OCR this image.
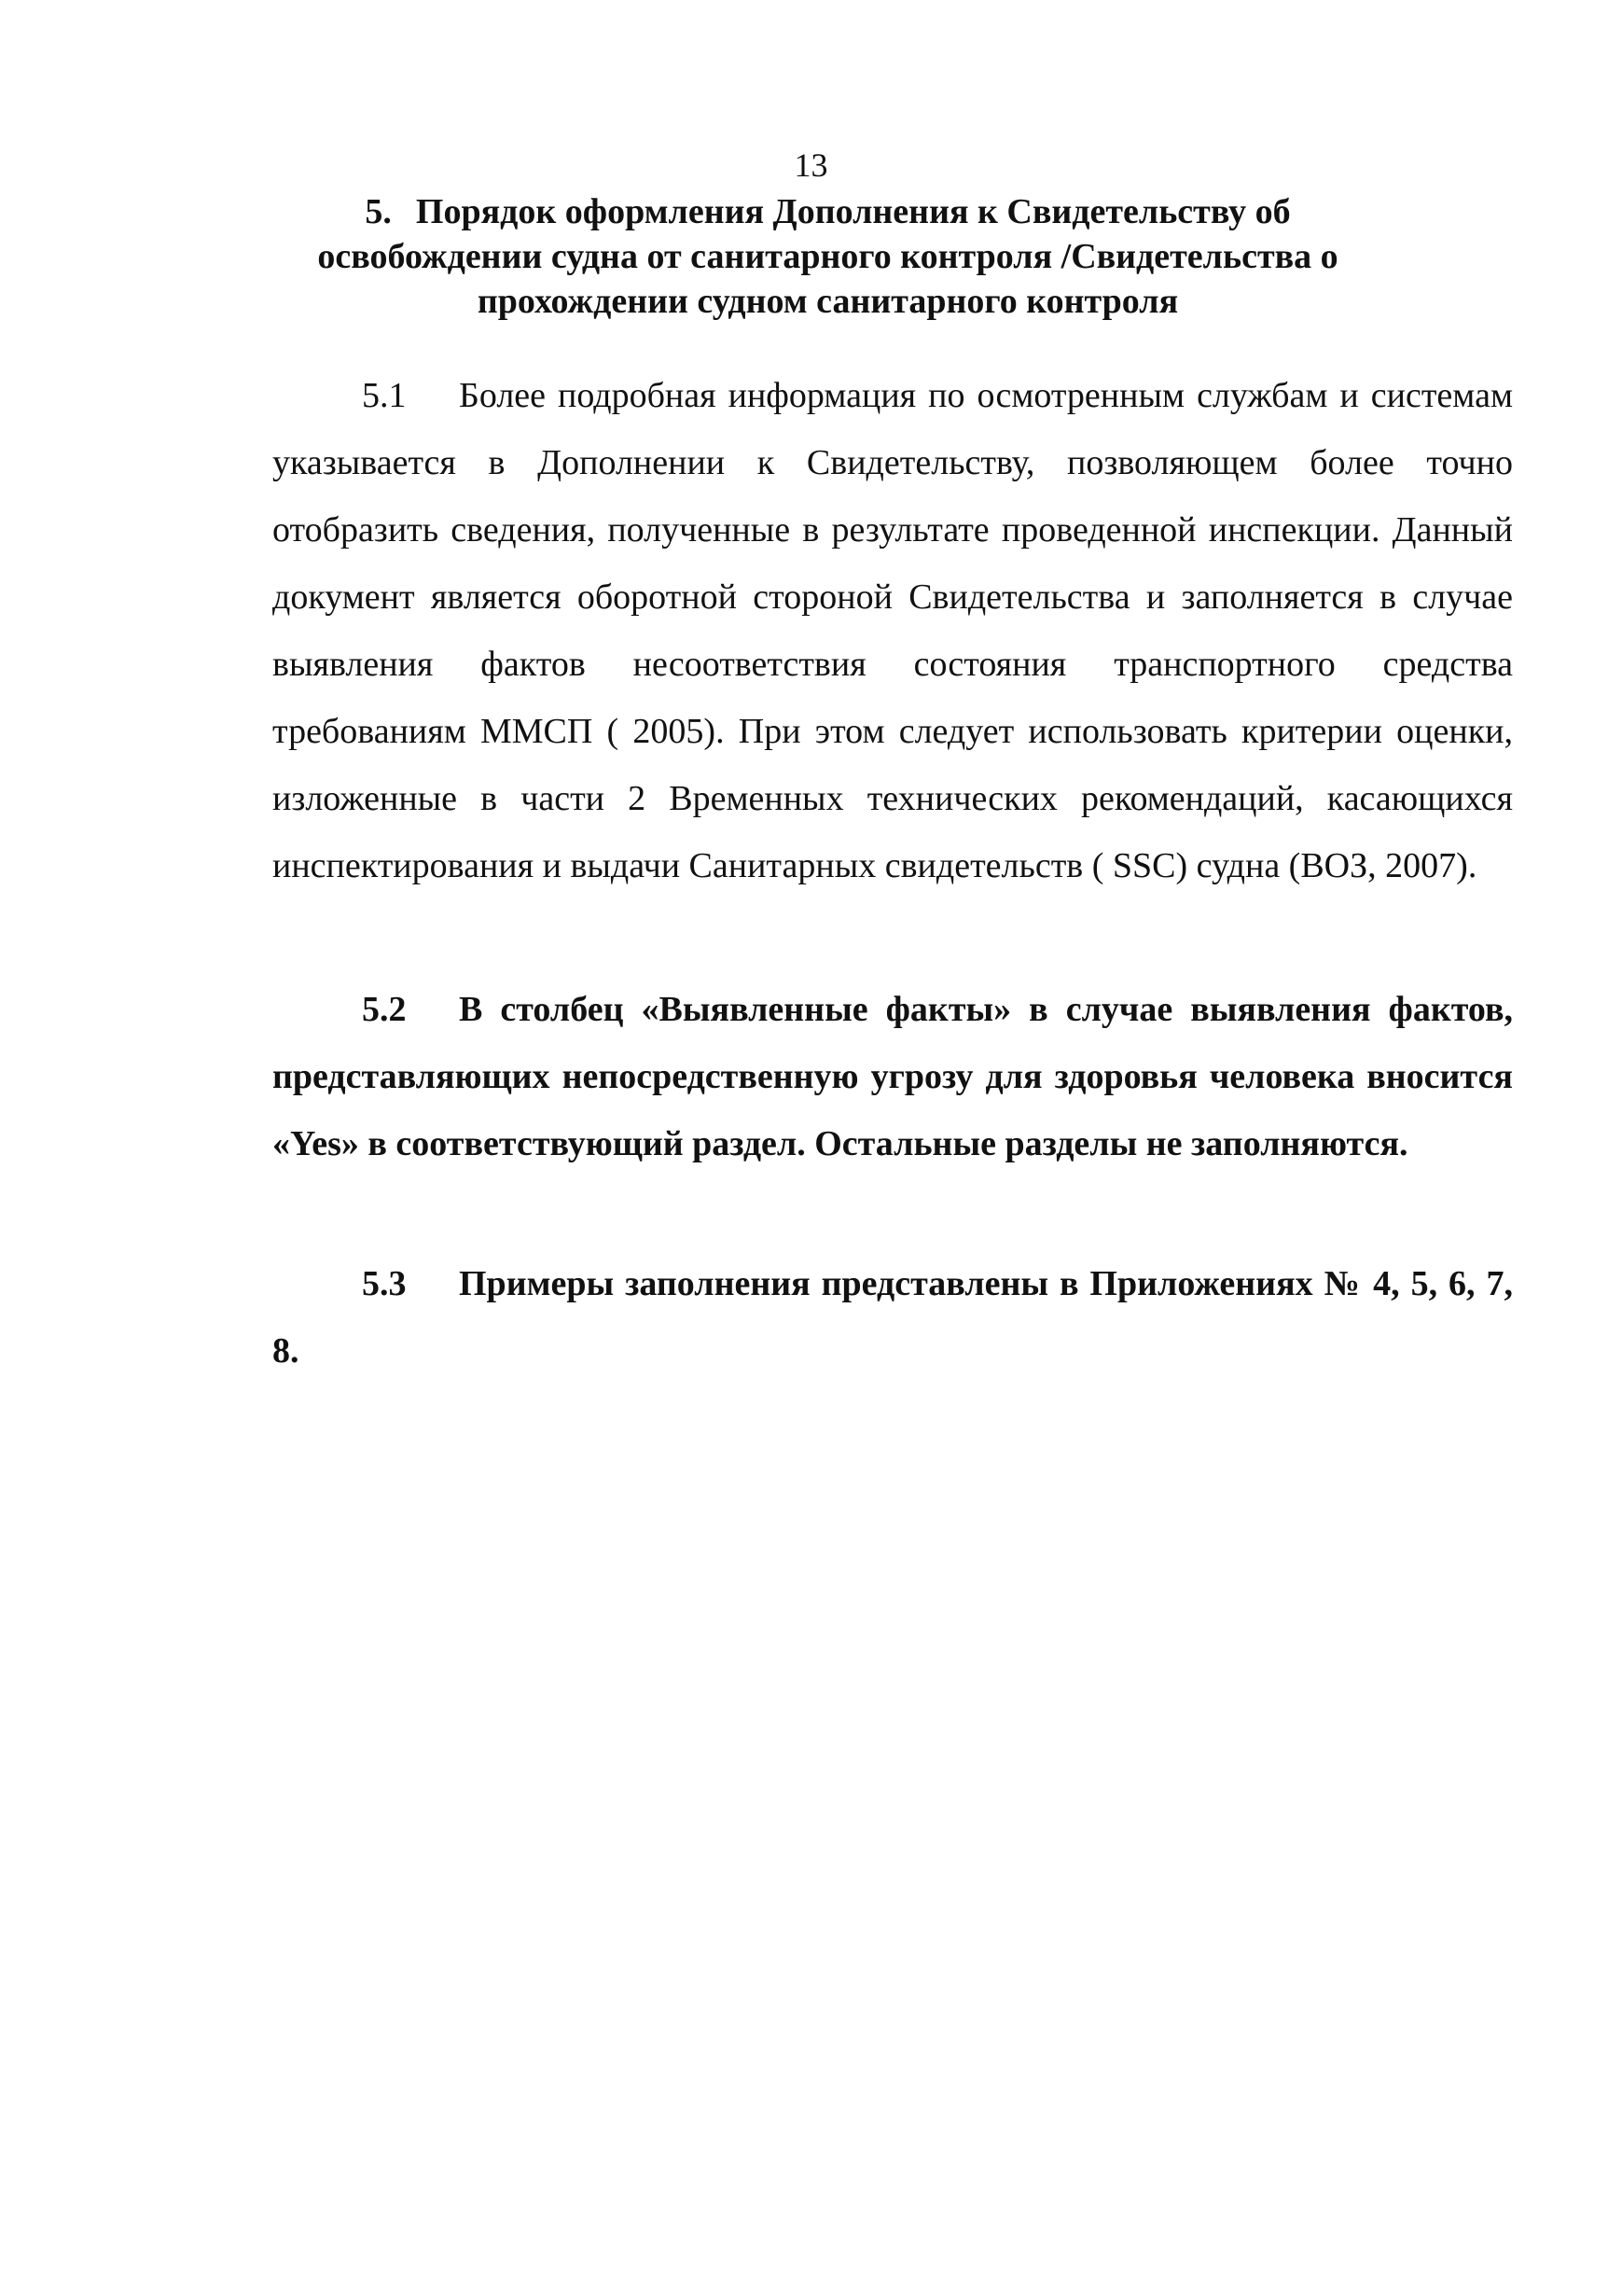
13
5. Порядок оформления Дополнения к Свидетельству об освобождении судна от санитарного контроля /Свидетельства о прохождении судном санитарного контроля
5.1 Более подробная информация по осмотренным службам и системам указывается в Дополнении к Свидетельству, позволяющем более точно отобразить сведения, полученные в результате проведенной инспекции. Данный документ является оборотной стороной Свидетельства и заполняется в случае выявления фактов несоответствия состояния транспортного средства требованиям ММСП ( 2005). При этом следует использовать критерии оценки, изложенные в части 2 Временных технических рекомендаций, касающихся инспектирования и выдачи Санитарных свидетельств ( SSC) судна (ВОЗ, 2007).
5.2 В столбец «Выявленные факты» в случае выявления фактов, представляющих непосредственную угрозу для здоровья человека вносится «Yes» в соответствующий раздел. Остальные разделы не заполняются.
5.3 Примеры заполнения представлены в Приложениях № 4, 5, 6, 7, 8.
